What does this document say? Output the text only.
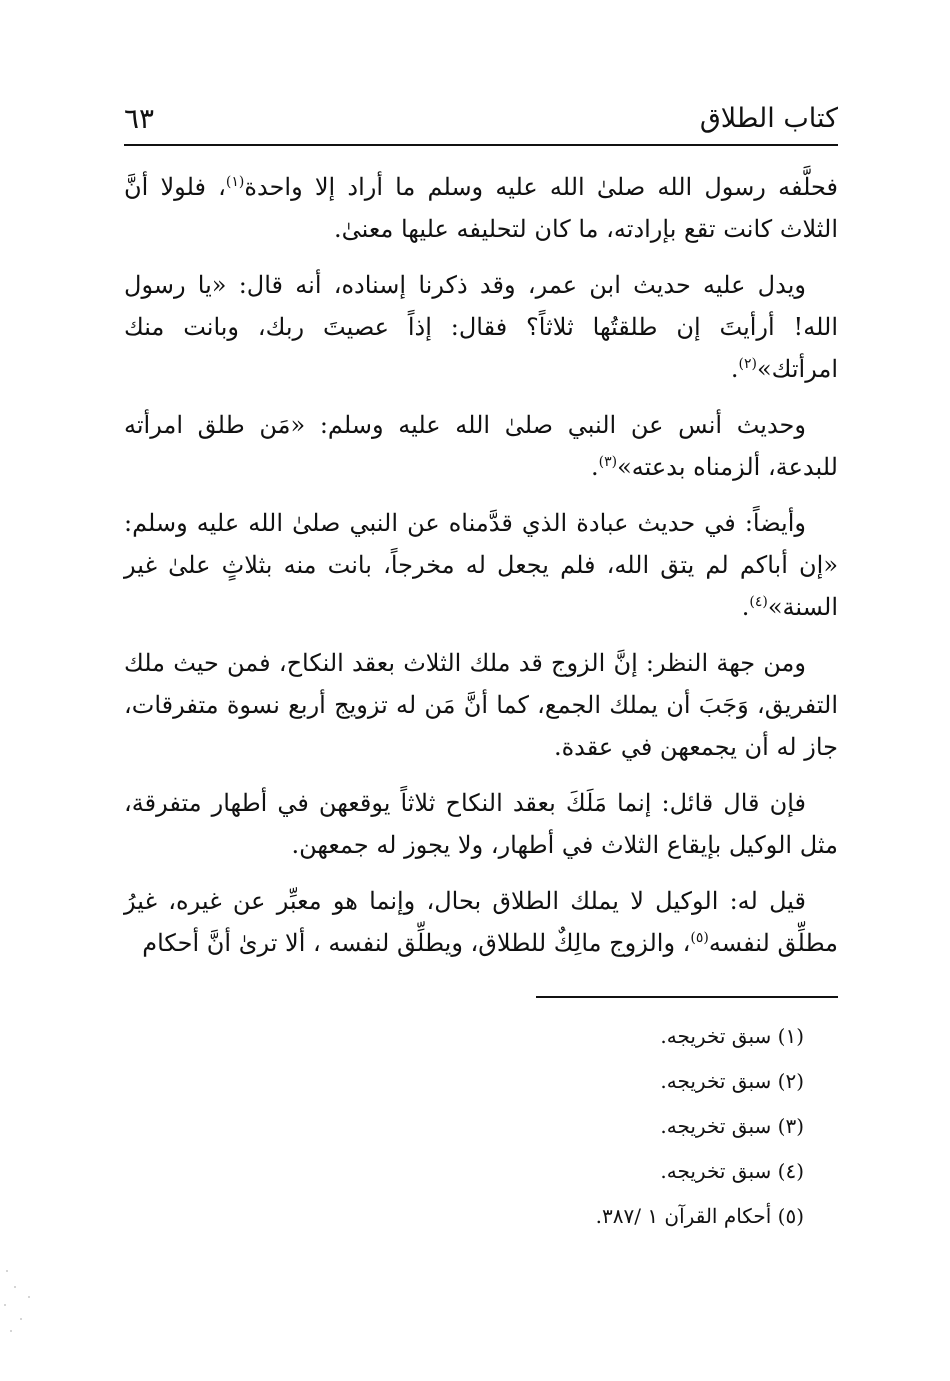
كتاب الطلاق
٦٣

فحلَّفه رسول الله صلىٰ الله عليه وسلم ما أراد إلا واحدة$^{(١)}$، فلولا أنَّ الثلاث كانت تقع بإرادته، ما كان لتحليفه عليها معنىٰ.

ويدل عليه حديث ابن عمر، وقد ذكرنا إسناده، أنه قال: «يا رسول الله! أرأيتَ إن طلقتُها ثلاثاً؟ فقال: إذاً عصيتَ ربك، وبانت منك امرأتك»$^{(٢)}$.

وحديث أنس عن النبي صلىٰ الله عليه وسلم: «مَن طلق امرأته للبدعة، ألزمناه بدعته»$^{(٣)}$.

وأيضاً: في حديث عبادة الذي قدَّمناه عن النبي صلىٰ الله عليه وسلم: «إن أباكم لم يتق الله، فلم يجعل له مخرجاً، بانت منه بثلاثٍ علىٰ غير السنة»$^{(٤)}$.

ومن جهة النظر: إنَّ الزوج قد ملك الثلاث بعقد النكاح، فمن حيث ملك التفريق، وَجَبَ أن يملك الجمع، كما أنَّ مَن له تزويج أربع نسوة متفرقات، جاز له أن يجمعهن في عقدة.

فإن قال قائل: إنما مَلَكَ بعقد النكاح ثلاثاً يوقعهن في أطهار متفرقة، مثل الوكيل بإيقاع الثلاث في أطهار، ولا يجوز له جمعهن.

قيل له: الوكيل لا يملك الطلاق بحال، وإنما هو معبِّر عن غيره، غيرُ مطلِّق لنفسه$^{(٥)}$، والزوج مالِكٌ للطلاق، ويطلِّق لنفسه ، ألا ترىٰ أنَّ أحكام

(١) سبق تخريجه.

(٢) سبق تخريجه.

(٣) سبق تخريجه.

(٤) سبق تخريجه.

(٥) أحكام القرآن ١ /٣٨٧.
